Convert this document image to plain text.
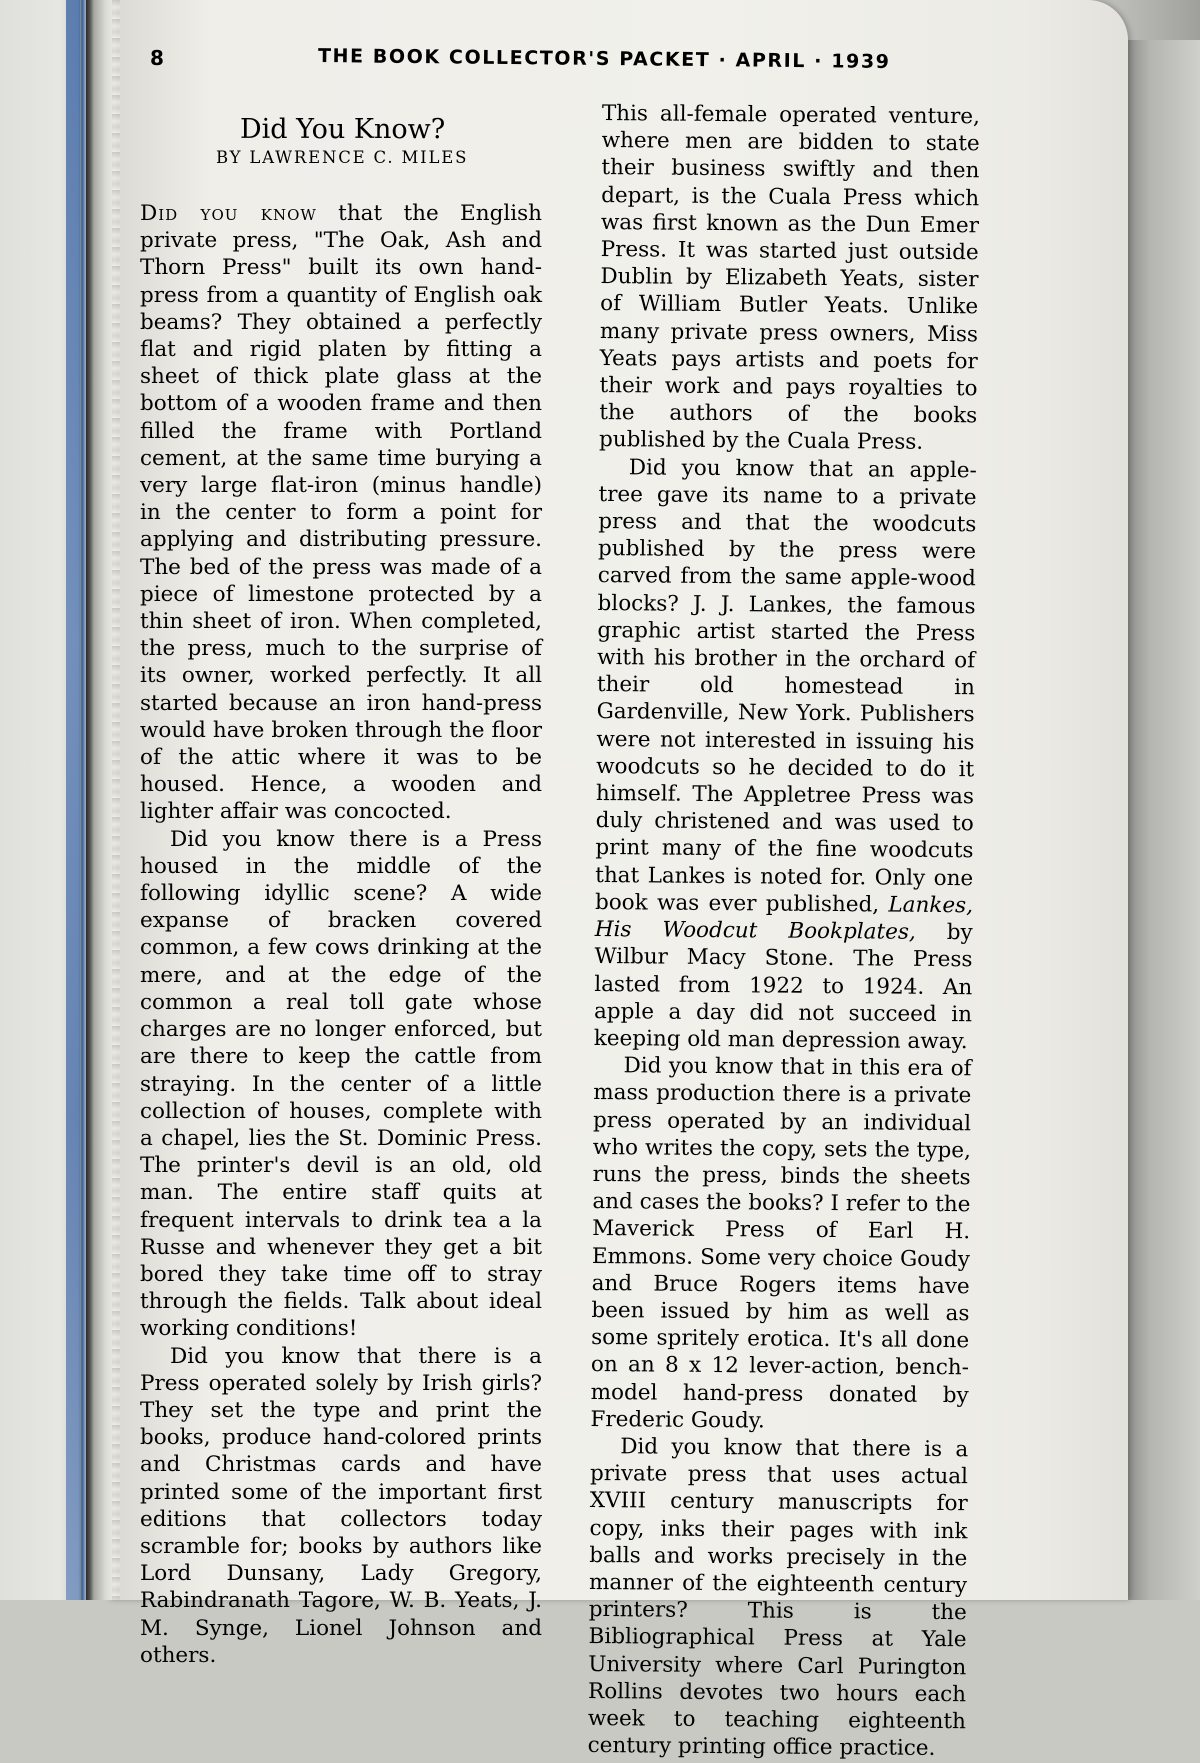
8	THE BOOK COLLECTOR'S PACKET · APRIL · 1939
Did You Know?
BY LAWRENCE C. MILES

Did you know that the English private press, "The Oak, Ash and Thorn Press" built its own hand-press from a quantity of English oak beams? They obtained a perfectly flat and rigid platen by fitting a sheet of thick plate glass at the bottom of a wooden frame and then filled the frame with Portland cement, at the same time burying a very large flat-iron (minus handle) in the center to form a point for applying and distributing pressure. The bed of the press was made of a piece of limestone protected by a thin sheet of iron. When completed, the press, much to the surprise of its owner, worked perfectly. It all started because an iron hand-press would have broken through the floor of the attic where it was to be housed. Hence, a wooden and lighter affair was concocted.

Did you know there is a Press housed in the middle of the following idyllic scene? A wide expanse of bracken covered common, a few cows drinking at the mere, and at the edge of the common a real toll gate whose charges are no longer enforced, but are there to keep the cattle from straying. In the center of a little collection of houses, complete with a chapel, lies the St. Dominic Press. The printer's devil is an old, old man. The entire staff quits at frequent intervals to drink tea a la Russe and whenever they get a bit bored they take time off to stray through the fields. Talk about ideal working conditions!

Did you know that there is a Press operated solely by Irish girls? They set the type and print the books, produce hand-colored prints and Christmas cards and have printed some of the important first editions that collectors today scramble for; books by authors like Lord Dunsany, Lady Gregory, Rabindranath Tagore, W. B. Yeats, J. M. Synge, Lionel Johnson and others.

This all-female operated venture, where men are bidden to state their business swiftly and then depart, is the Cuala Press which was first known as the Dun Emer Press. It was started just outside Dublin by Elizabeth Yeats, sister of William Butler Yeats. Unlike many private press owners, Miss Yeats pays artists and poets for their work and pays royalties to the authors of the books published by the Cuala Press.

Did you know that an apple-tree gave its name to a private press and that the woodcuts published by the press were carved from the same apple-wood blocks? J. J. Lankes, the famous graphic artist started the Press with his brother in the orchard of their old homestead in Gardenville, New York. Publishers were not interested in issuing his woodcuts so he decided to do it himself. The Appletree Press was duly christened and was used to print many of the fine woodcuts that Lankes is noted for. Only one book was ever published, Lankes, His Woodcut Bookplates, by Wilbur Macy Stone. The Press lasted from 1922 to 1924. An apple a day did not succeed in keeping old man depression away.

Did you know that in this era of mass production there is a private press operated by an individual who writes the copy, sets the type, runs the press, binds the sheets and cases the books? I refer to the Maverick Press of Earl H. Emmons. Some very choice Goudy and Bruce Rogers items have been issued by him as well as some spritely erotica. It's all done on an 8 x 12 lever-action, bench-model hand-press donated by Frederic Goudy.

Did you know that there is a private press that uses actual XVIII century manuscripts for copy, inks their pages with ink balls and works precisely in the manner of the eighteenth century printers? This is the Bibliographical Press at Yale University where Carl Purington Rollins devotes two hours each week to teaching eighteenth century printing office practice.
